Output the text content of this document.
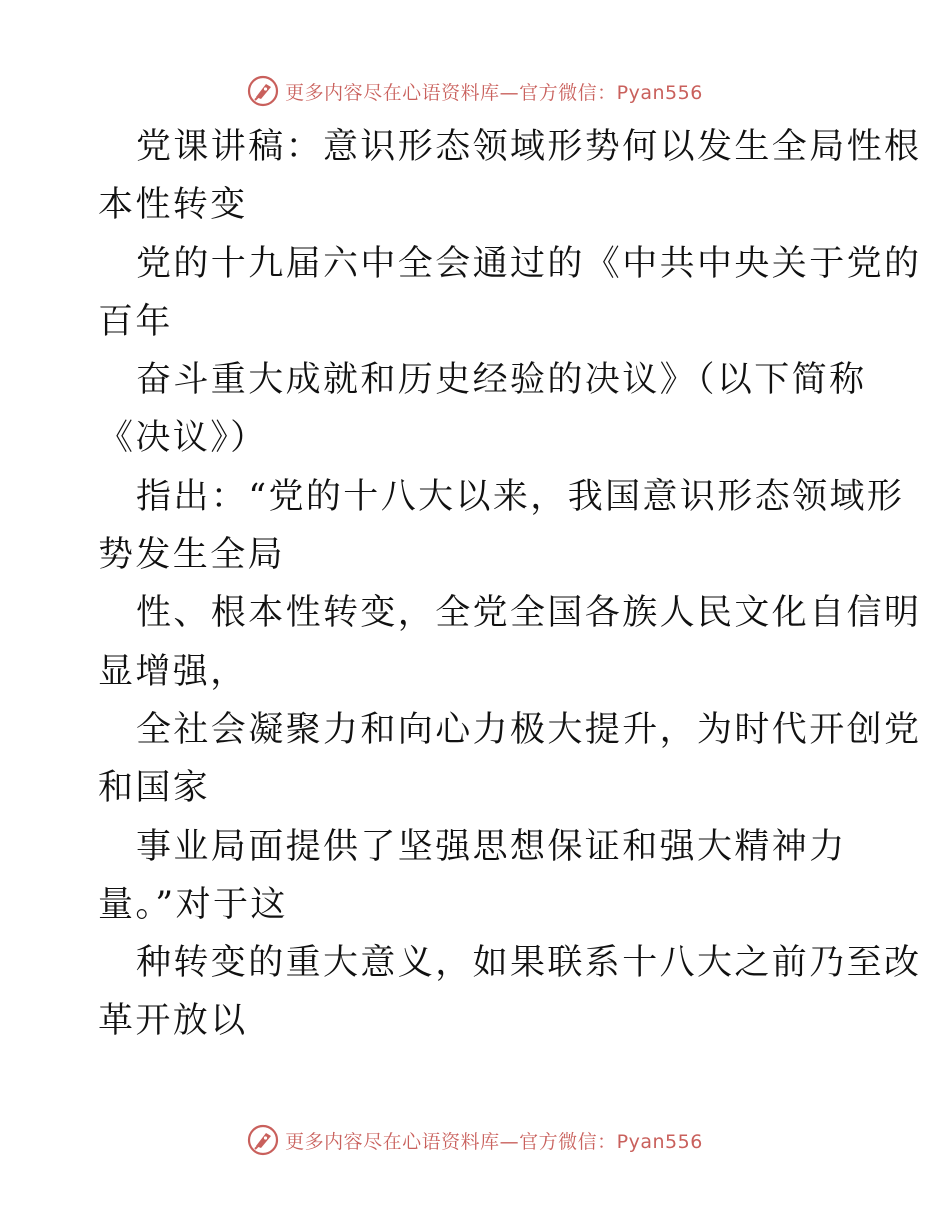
更多内容尽在心语资料库—官方微信：Pyan556
党课讲稿：意识形态领域形势何以发生全局性根
本性转变
党的十九届六中全会通过的《中共中央关于党的
百年
奋斗重大成就和历史经验的决议》（以下简称
《决议》）
指出：“党的十八大以来，我国意识形态领域形
势发生全局
性、根本性转变，全党全国各族人民文化自信明
显增强，
全社会凝聚力和向心力极大提升，为时代开创党
和国家
事业局面提供了坚强思想保证和强大精神力
量。”对于这
种转变的重大意义，如果联系十八大之前乃至改
革开放以
更多内容尽在心语资料库—官方微信：Pyan556
